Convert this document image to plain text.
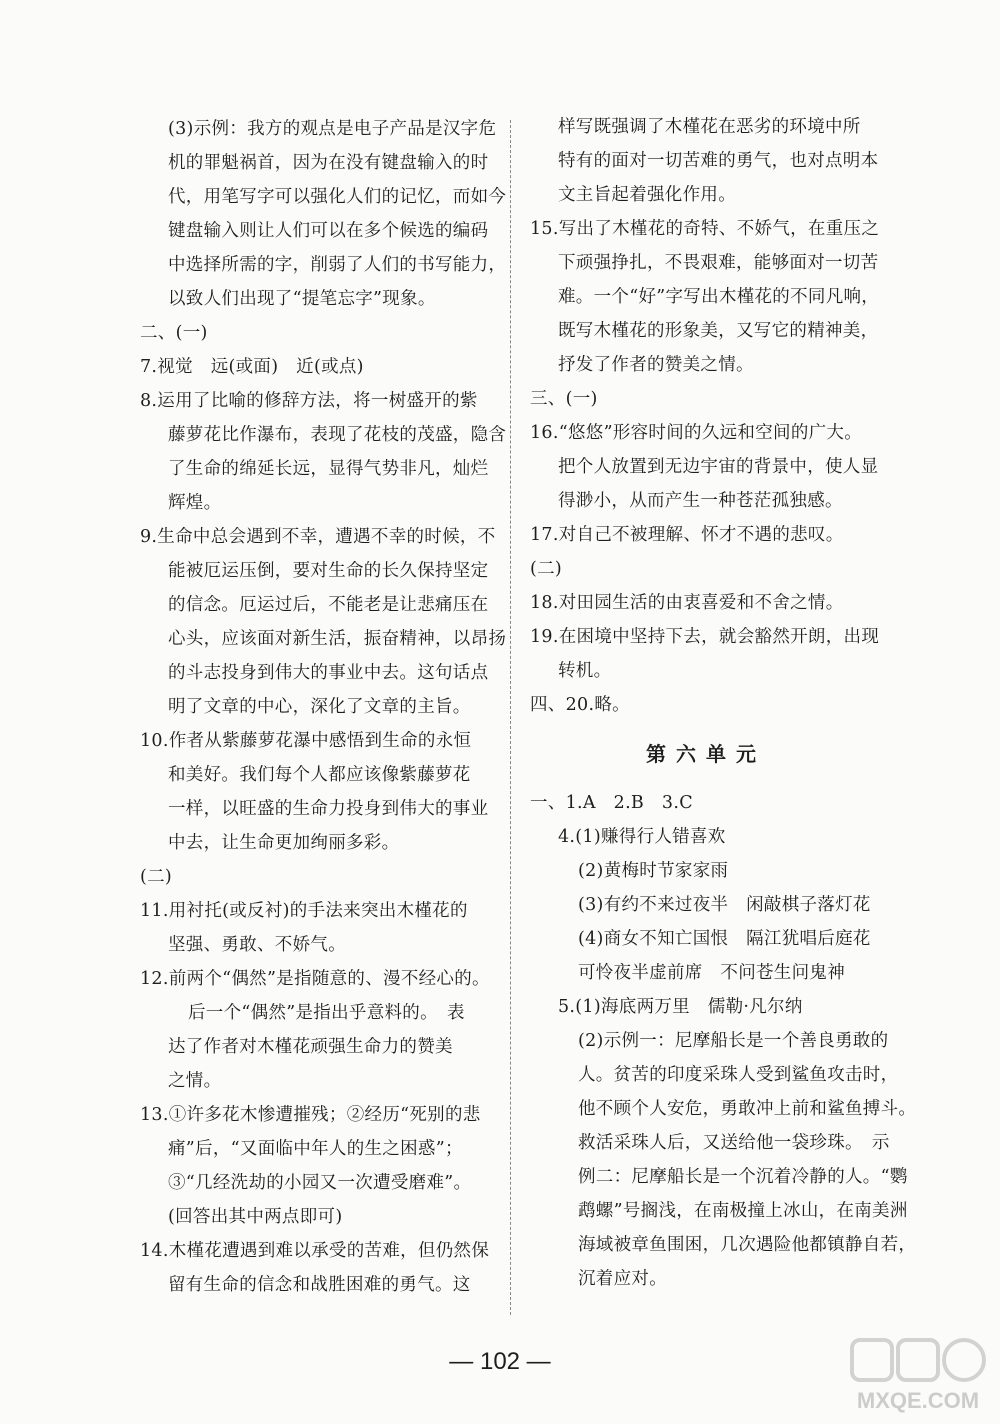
(3)示例：我方的观点是电子产品是汉字危
机的罪魁祸首，因为在没有键盘输入的时
代，用笔写字可以强化人们的记忆，而如今
键盘输入则让人们可以在多个候选的编码
中选择所需的字，削弱了人们的书写能力，
以致人们出现了“提笔忘字”现象。
二、(一)
7.视觉　远(或面)　近(或点)
8.运用了比喻的修辞方法，将一树盛开的紫
藤萝花比作瀑布，表现了花枝的茂盛，隐含
了生命的绵延长远，显得气势非凡，灿烂
辉煌。
9.生命中总会遇到不幸，遭遇不幸的时候，不
能被厄运压倒，要对生命的长久保持坚定
的信念。厄运过后，不能老是让悲痛压在
心头，应该面对新生活，振奋精神，以昂扬
的斗志投身到伟大的事业中去。这句话点
明了文章的中心，深化了文章的主旨。
10.作者从紫藤萝花瀑中感悟到生命的永恒
和美好。我们每个人都应该像紫藤萝花
一样，以旺盛的生命力投身到伟大的事业
中去，让生命更加绚丽多彩。
(二)
11.用衬托(或反衬)的手法来突出木槿花的
坚强、勇敢、不娇气。
12.前两个“偶然”是指随意的、漫不经心的。
后一个“偶然”是指出乎意料的。　表
达了作者对木槿花顽强生命力的赞美
之情。
13.①许多花木惨遭摧残；②经历“死别的悲
痛”后，“又面临中年人的生之困惑”；
③“几经洗劫的小园又一次遭受磨难”。
(回答出其中两点即可)
14.木槿花遭遇到难以承受的苦难，但仍然保
留有生命的信念和战胜困难的勇气。这
样写既强调了木槿花在恶劣的环境中所
特有的面对一切苦难的勇气，也对点明本
文主旨起着强化作用。
15.写出了木槿花的奇特、不娇气，在重压之
下顽强挣扎，不畏艰难，能够面对一切苦
难。一个“好”字写出木槿花的不同凡响，
既写木槿花的形象美，又写它的精神美，
抒发了作者的赞美之情。
三、(一)
16.“悠悠”形容时间的久远和空间的广大。
把个人放置到无边宇宙的背景中，使人显
得渺小，从而产生一种苍茫孤独感。
17.对自己不被理解、怀才不遇的悲叹。
(二)
18.对田园生活的由衷喜爱和不舍之情。
19.在困境中坚持下去，就会豁然开朗，出现
转机。
四、20.略。
第六单元
一、1.A　2.B　3.C
4.(1)赚得行人错喜欢
(2)黄梅时节家家雨
(3)有约不来过夜半　闲敲棋子落灯花
(4)商女不知亡国恨　隔江犹唱后庭花
可怜夜半虚前席　不问苍生问鬼神
5.(1)海底两万里　儒勒·凡尔纳
(2)示例一：尼摩船长是一个善良勇敢的
人。贫苦的印度采珠人受到鲨鱼攻击时，
他不顾个人安危，勇敢冲上前和鲨鱼搏斗。
救活采珠人后，又送给他一袋珍珠。　示
例二：尼摩船长是一个沉着冷静的人。“鹦
鹉螺”号搁浅，在南极撞上冰山，在南美洲
海域被章鱼围困，几次遇险他都镇静自若，
沉着应对。
— 102 —
MXQE.COM
